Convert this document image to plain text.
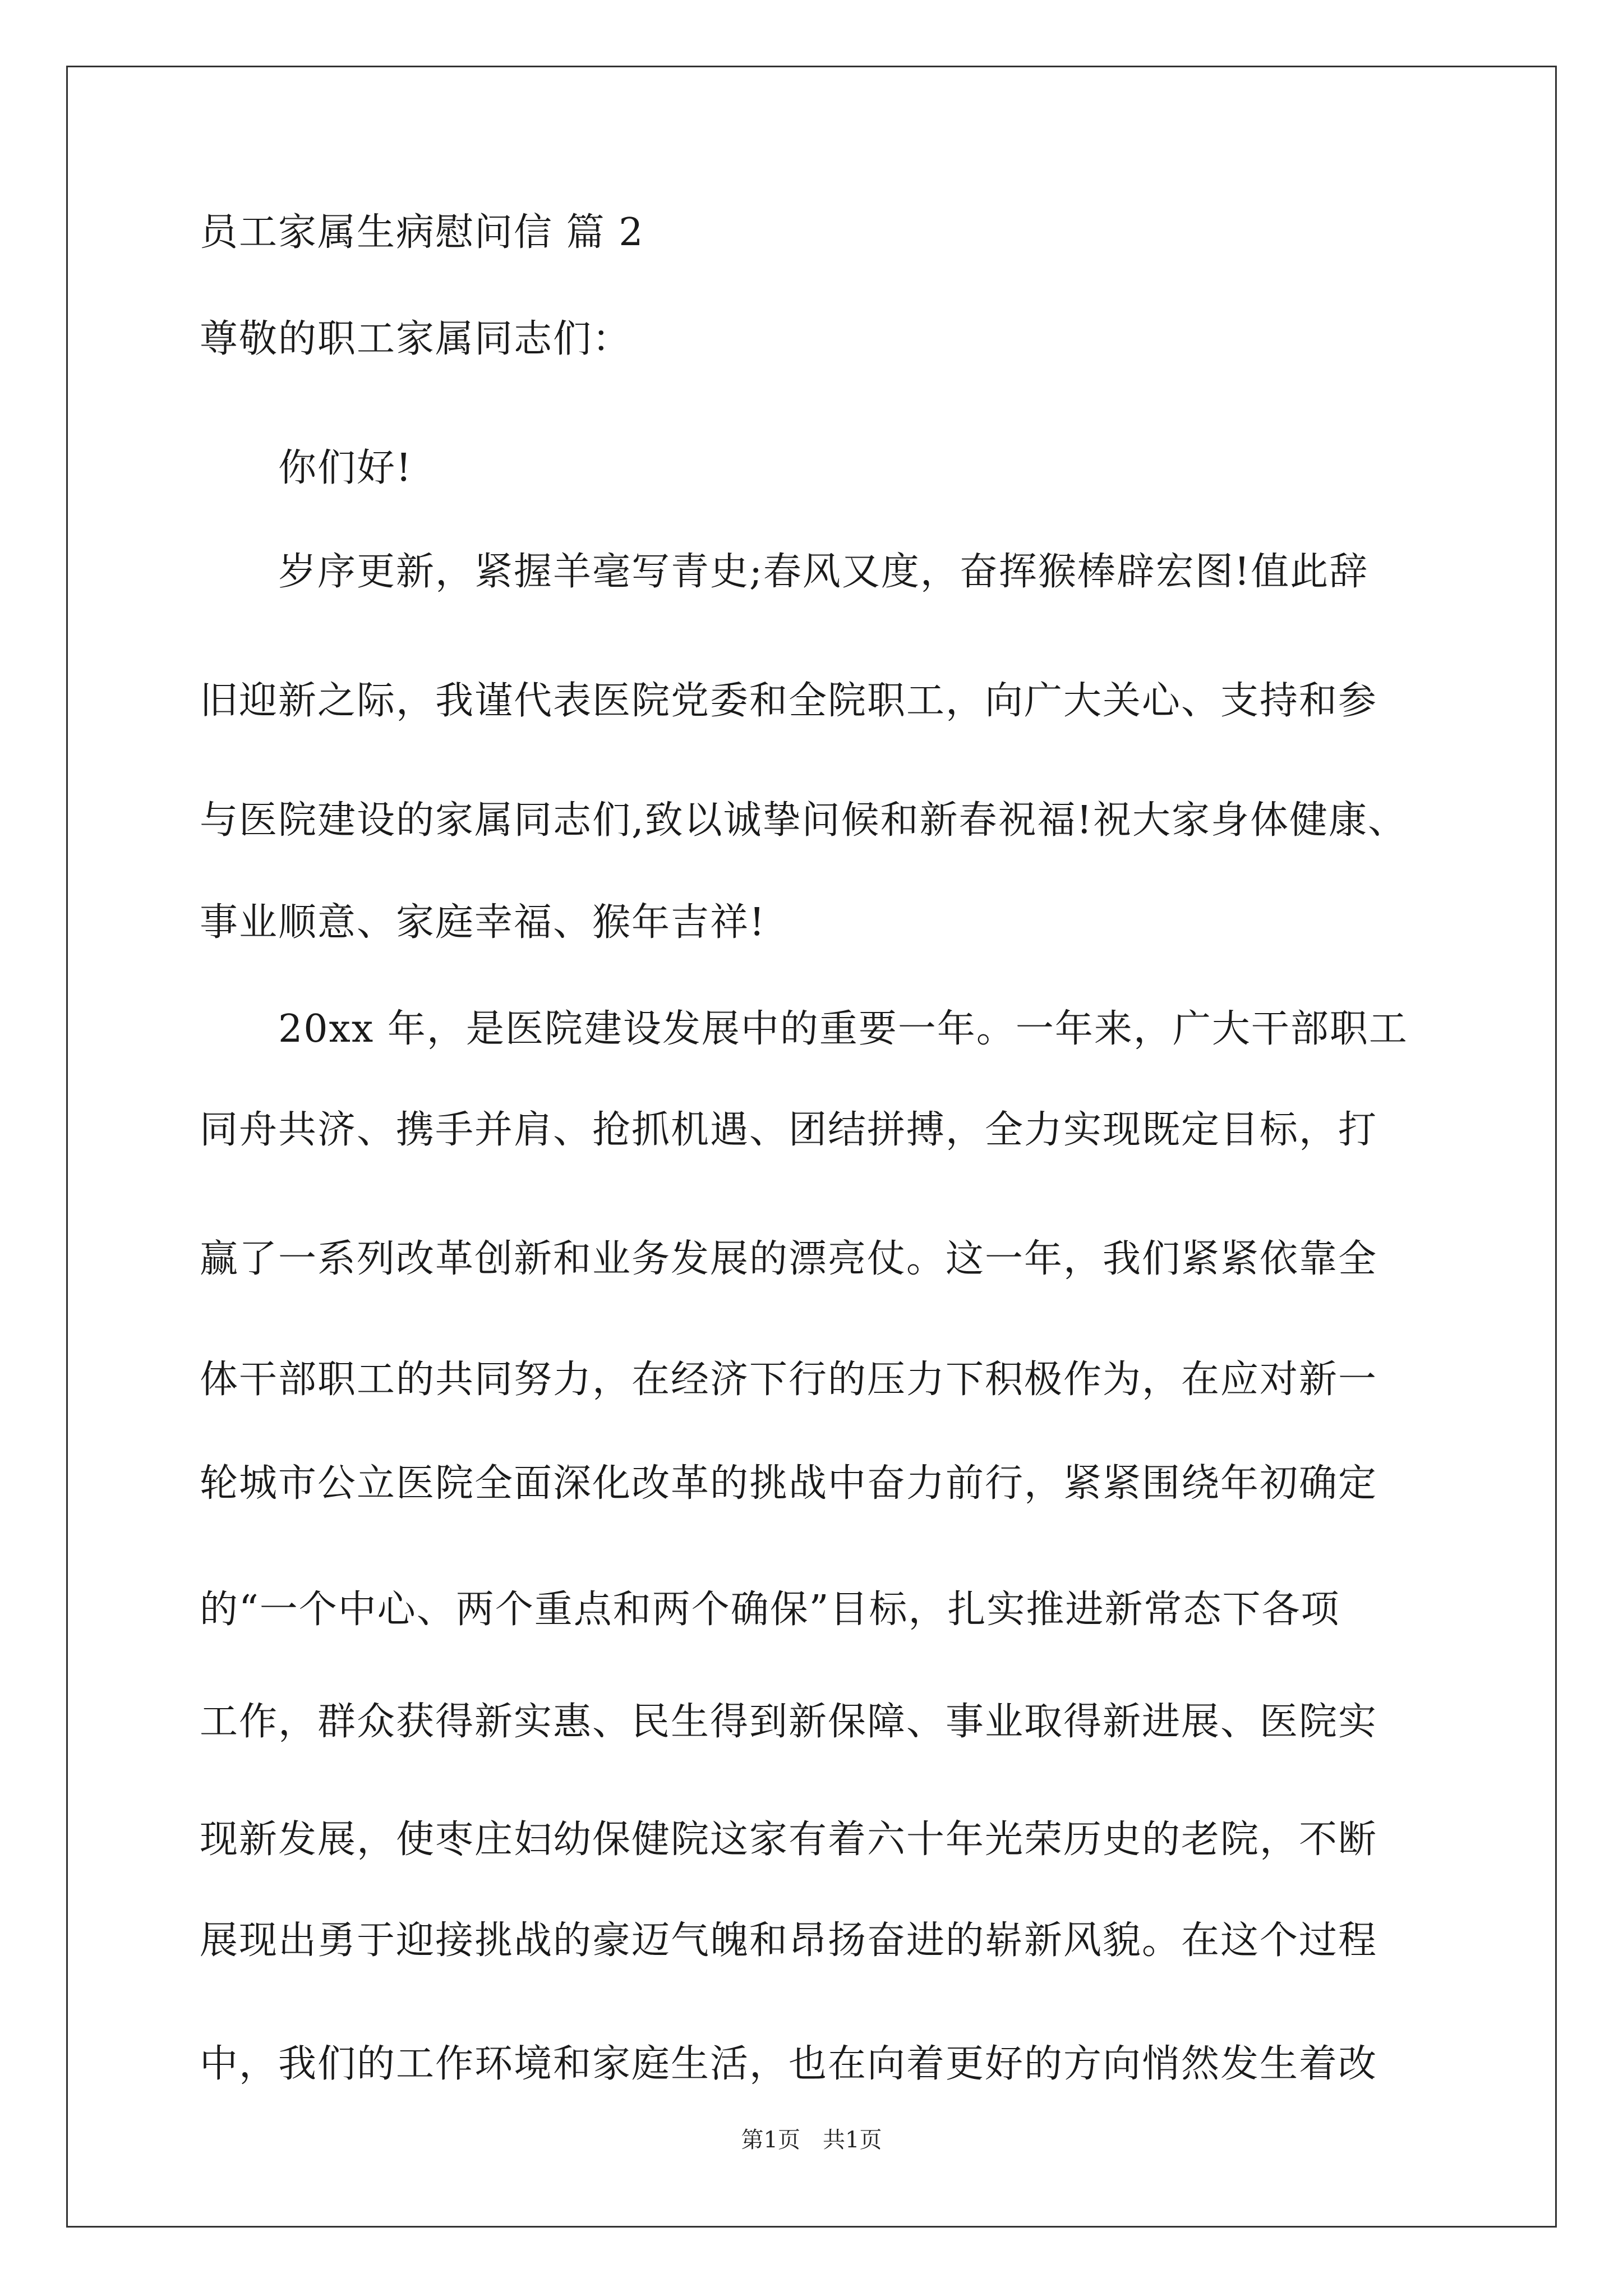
员工家属生病慰问信 篇 2
尊敬的职工家属同志们：
你们好!
岁序更新，紧握羊毫写青史;春风又度，奋挥猴棒辟宏图!值此辞
旧迎新之际，我谨代表医院党委和全院职工，向广大关心、支持和参
与医院建设的家属同志们,致以诚挚问候和新春祝福!祝大家身体健康、
事业顺意、家庭幸福、猴年吉祥!
20xx 年，是医院建设发展中的重要一年。一年来，广大干部职工
同舟共济、携手并肩、抢抓机遇、团结拼搏，全力实现既定目标，打
赢了一系列改革创新和业务发展的漂亮仗。这一年，我们紧紧依靠全
体干部职工的共同努力，在经济下行的压力下积极作为，在应对新一
轮城市公立医院全面深化改革的挑战中奋力前行，紧紧围绕年初确定
的“一个中心、两个重点和两个确保”目标，扎实推进新常态下各项
工作，群众获得新实惠、民生得到新保障、事业取得新进展、医院实
现新发展，使枣庄妇幼保健院这家有着六十年光荣历史的老院，不断
展现出勇于迎接挑战的豪迈气魄和昂扬奋进的崭新风貌。在这个过程
中，我们的工作环境和家庭生活，也在向着更好的方向悄然发生着改
第1页　共1页
